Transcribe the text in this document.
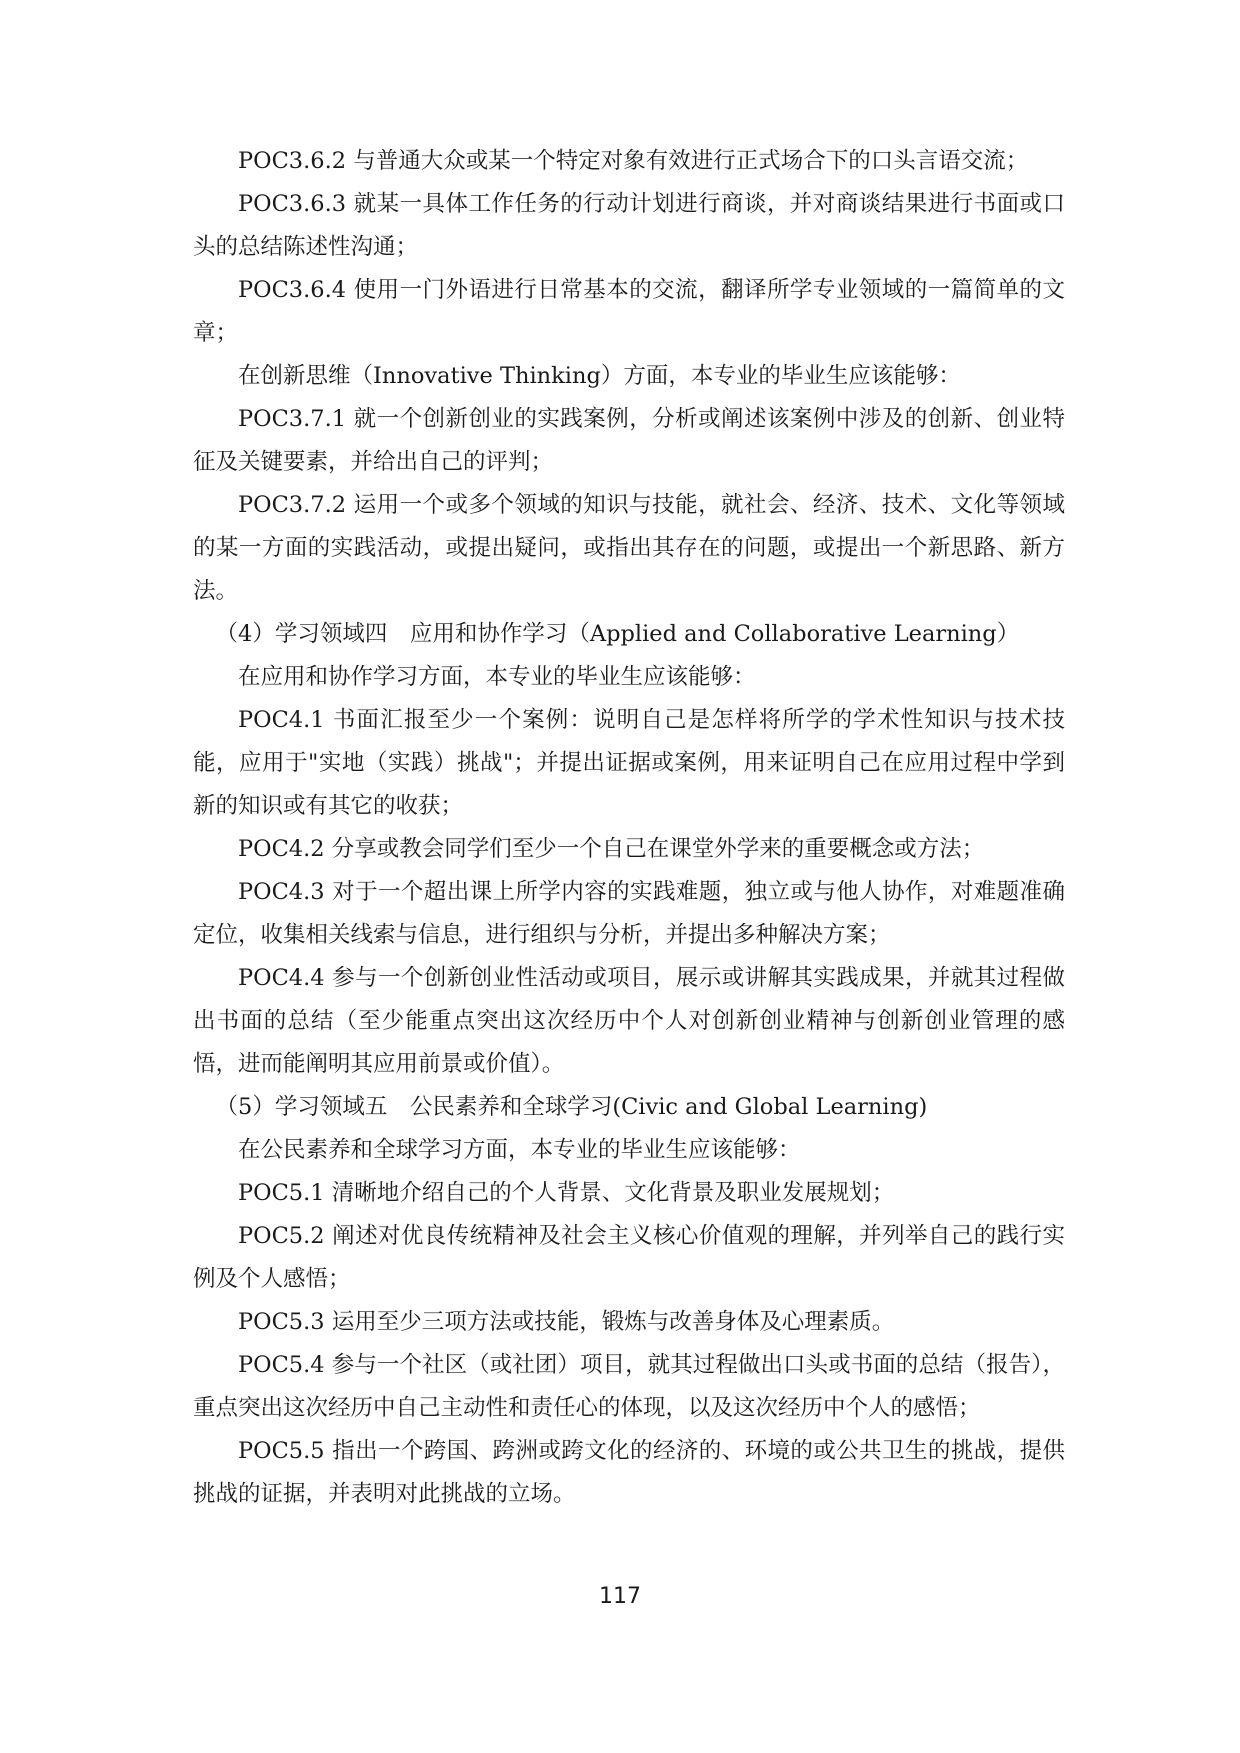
POC3.6.2 与普通大众或某一个特定对象有效进行正式场合下的口头言语交流；

POC3.6.3 就某一具体工作任务的行动计划进行商谈，并对商谈结果进行书面或口头的总结陈述性沟通；

POC3.6.4 使用一门外语进行日常基本的交流，翻译所学专业领域的一篇简单的文章；

在创新思维（Innovative Thinking）方面，本专业的毕业生应该能够：

POC3.7.1 就一个创新创业的实践案例，分析或阐述该案例中涉及的创新、创业特征及关键要素，并给出自己的评判；

POC3.7.2 运用一个或多个领域的知识与技能，就社会、经济、技术、文化等领域的某一方面的实践活动，或提出疑问，或指出其存在的问题，或提出一个新思路、新方法。

（4）学习领域四　应用和协作学习（Applied and Collaborative Learning）

在应用和协作学习方面，本专业的毕业生应该能够：

POC4.1 书面汇报至少一个案例：说明自己是怎样将所学的学术性知识与技术技能，应用于"实地（实践）挑战"；并提出证据或案例，用来证明自己在应用过程中学到新的知识或有其它的收获；

POC4.2 分享或教会同学们至少一个自己在课堂外学来的重要概念或方法；

POC4.3 对于一个超出课上所学内容的实践难题，独立或与他人协作，对难题准确定位，收集相关线索与信息，进行组织与分析，并提出多种解决方案；

POC4.4 参与一个创新创业性活动或项目，展示或讲解其实践成果，并就其过程做出书面的总结（至少能重点突出这次经历中个人对创新创业精神与创新创业管理的感悟，进而能阐明其应用前景或价值）。

（5）学习领域五　公民素养和全球学习(Civic and Global Learning)

在公民素养和全球学习方面，本专业的毕业生应该能够：

POC5.1 清晰地介绍自己的个人背景、文化背景及职业发展规划；

POC5.2 阐述对优良传统精神及社会主义核心价值观的理解，并列举自己的践行实例及个人感悟；

POC5.3 运用至少三项方法或技能，锻炼与改善身体及心理素质。

POC5.4 参与一个社区（或社团）项目，就其过程做出口头或书面的总结（报告），重点突出这次经历中自己主动性和责任心的体现，以及这次经历中个人的感悟；

POC5.5 指出一个跨国、跨洲或跨文化的经济的、环境的或公共卫生的挑战，提供挑战的证据，并表明对此挑战的立场。

117
